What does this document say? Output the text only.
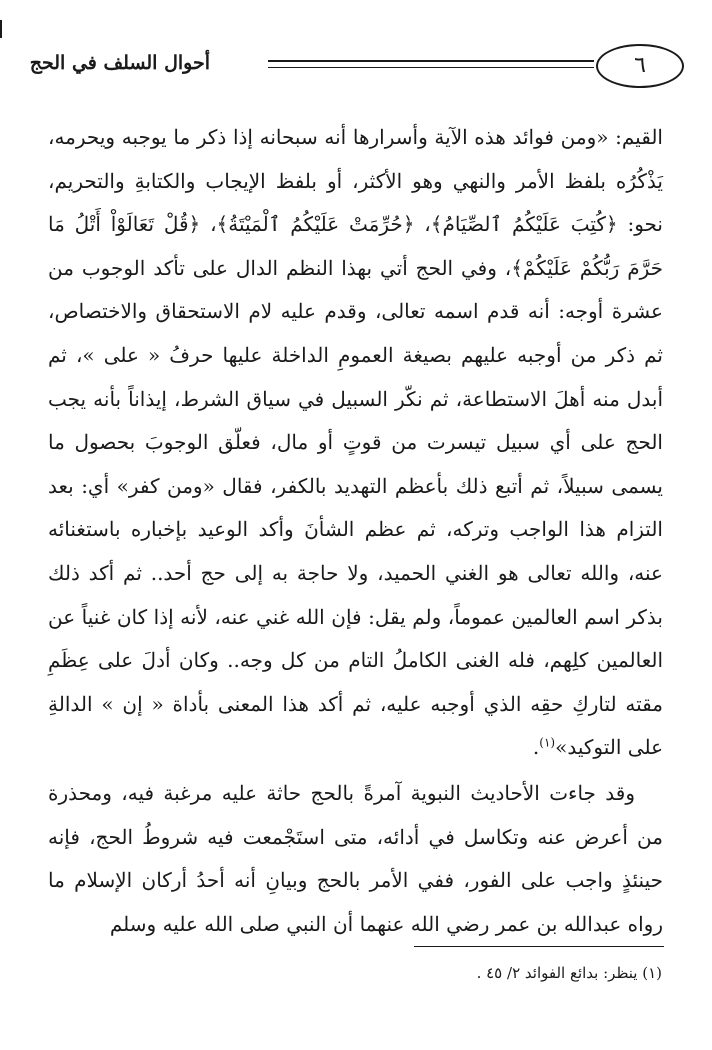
أحوال السلف في الحج	٦

القيم: «ومن فوائد هذه الآية وأسرارها أنه سبحانه إذا ذكر ما يوجبه ويحرمه، يَذْكُرُه بلفظ الأمر والنهي وهو الأكثر، أو بلفظ الإيجاب والكتابةِ والتحريم، نحو: ﴿كُتِبَ عَلَيْكُمُ ٱلصِّيَامُ﴾، ﴿حُرِّمَتْ عَلَيْكُمُ ٱلْمَيْتَةُ﴾، ﴿قُلْ تَعَالَوْاْ أَتْلُ مَا حَرَّمَ رَبُّكُمْ عَلَيْكُمْ﴾، وفي الحج أتي بهذا النظم الدال على تأكد الوجوب من عشرة أوجه: أنه قدم اسمه تعالى، وقدم عليه لام الاستحقاق والاختصاص، ثم ذكر من أوجبه عليهم بصيغة العمومِ الداخلة عليها حرفُ « على »، ثم أبدل منه أهلَ الاستطاعة، ثم نكّر السبيل في سياق الشرط، إيذاناً بأنه يجب الحج على أي سبيل تيسرت من قوتٍ أو مال، فعلّق الوجوبَ بحصول ما يسمى سبيلاً، ثم أتبع ذلك بأعظم التهديد بالكفر، فقال «ومن كفر» أي: بعد التزام هذا الواجب وتركه، ثم عظم الشأنَ وأكد الوعيد بإخباره باستغنائه عنه، والله تعالى هو الغني الحميد، ولا حاجة به إلى حج أحد.. ثم أكد ذلك بذكر اسم العالمين عموماً، ولم يقل: فإن الله غني عنه، لأنه إذا كان غنياً عن العالمين كلِهم، فله الغنى الكاملُ التام من كل وجه.. وكان أدلَ على عِظَمِ مقته لتاركِ حقِه الذي أوجبه عليه، ثم أكد هذا المعنى بأداة « إن » الدالةِ على التوكيد»$^{(١)}$.

وقد جاءت الأحاديث النبوية آمرةً بالحج حاثة عليه مرغبة فيه، ومحذرة من أعرض عنه وتكاسل في أدائه، متى استَجْمعت فيه شروطُ الحج، فإنه حينئذٍ واجب على الفور، ففي الأمر بالحج وبيانِ أنه أحدُ أركان الإسلام ما رواه عبدالله بن عمر رضي الله عنهما أن النبي صلى الله عليه وسلم

(١) ينظر: بدائع الفوائد ٢/ ٤٥ .
